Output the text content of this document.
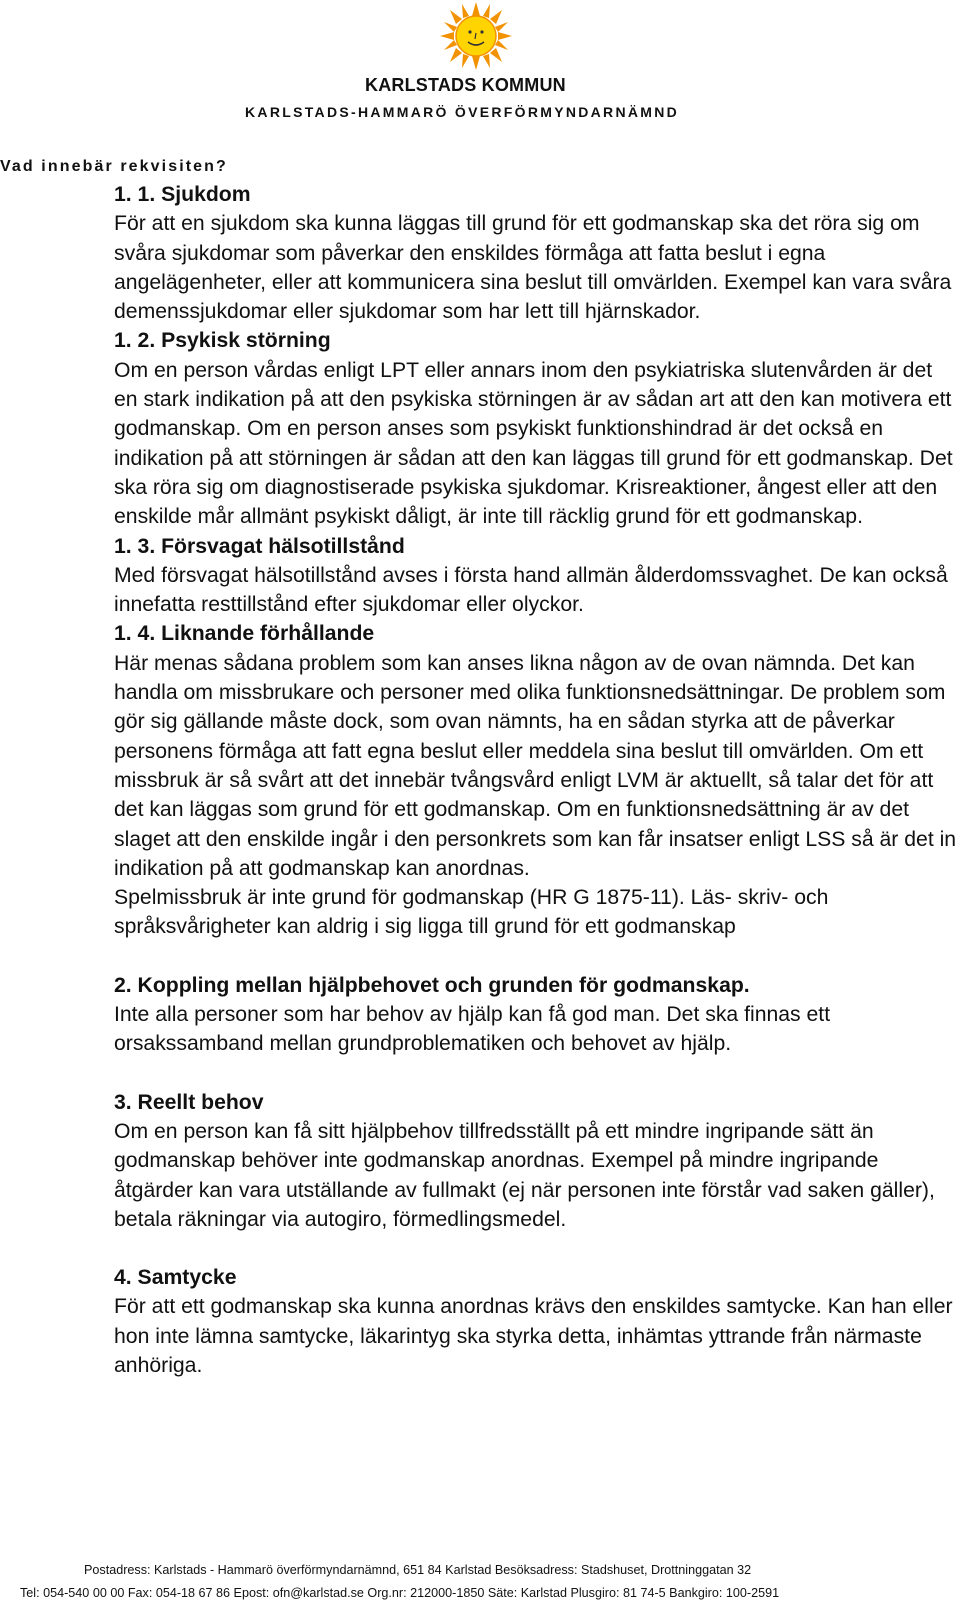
KARLSTADS KOMMUN
KARLSTADS-HAMMARÖ ÖVERFÖRMYNDARNÄMND
Vad innebär rekvisiten?

1. 1. Sjukdom

För att en sjukdom ska kunna läggas till grund för ett godmanskap ska det röra sig om svåra sjukdomar som påverkar den enskildes förmåga att fatta beslut i egna angelägenheter, eller att kommunicera sina beslut till omvärlden. Exempel kan vara svåra demenssjukdomar eller sjukdomar som har lett till hjärnskador.

1. 2. Psykisk störning

Om en person vårdas enligt LPT eller annars inom den psykiatriska slutenvården är det en stark indikation på att den psykiska störningen är av sådan art att den kan motivera ett godmanskap. Om en person anses som psykiskt funktionshindrad är det också en indikation på att störningen är sådan att den kan läggas till grund för ett godmanskap. Det ska röra sig om diagnostiserade psykiska sjukdomar. Krisreaktioner, ångest eller att den enskilde mår allmänt psykiskt dåligt, är inte till räcklig grund för ett godmanskap.

1. 3. Försvagat hälsotillstånd

Med försvagat hälsotillstånd avses i första hand allmän ålderdomssvaghet. De kan också innefatta resttillstånd efter sjukdomar eller olyckor.

1. 4. Liknande förhållande

Här menas sådana problem som kan anses likna någon av de ovan nämnda. Det kan handla om missbrukare och personer med olika funktionsnedsättningar. De problem som gör sig gällande måste dock, som ovan nämnts, ha en sådan styrka att de påverkar personens förmåga att fatt egna beslut eller meddela sina beslut till omvärlden. Om ett missbruk är så svårt att det innebär tvångsvård enligt LVM är aktuellt, så talar det för att det kan läggas som grund för ett godmanskap. Om en funktionsnedsättning är av det slaget att den enskilde ingår i den personkrets som kan får insatser enligt LSS så är det in indikation på att godmanskap kan anordnas.

Spelmissbruk är inte grund för godmanskap (HR G 1875-11). Läs- skriv- och språksvårigheter kan aldrig i sig ligga till grund för ett godmanskap

2. Koppling mellan hjälpbehovet och grunden för godmanskap.

Inte alla personer som har behov av hjälp kan få god man. Det ska finnas ett orsakssamband mellan grundproblematiken och behovet av hjälp.

3. Reellt behov

Om en person kan få sitt hjälpbehov tillfredsställt på ett mindre ingripande sätt än godmanskap behöver inte godmanskap anordnas. Exempel på mindre ingripande åtgärder kan vara utställande av fullmakt (ej när personen inte förstår vad saken gäller), betala räkningar via autogiro, förmedlingsmedel.

4. Samtycke

För att ett godmanskap ska kunna anordnas krävs den enskildes samtycke. Kan han eller hon inte lämna samtycke, läkarintyg ska styrka detta, inhämtas yttrande från närmaste anhöriga.

Postadress: Karlstads - Hammarö överförmyndarnämnd, 651 84 Karlstad Besöksadress: Stadshuset, Drottninggatan 32
Tel: 054-540 00 00 Fax: 054-18 67 86 Epost: ofn@karlstad.se Org.nr: 212000-1850 Säte: Karlstad Plusgiro: 81 74-5 Bankgiro: 100-2591
